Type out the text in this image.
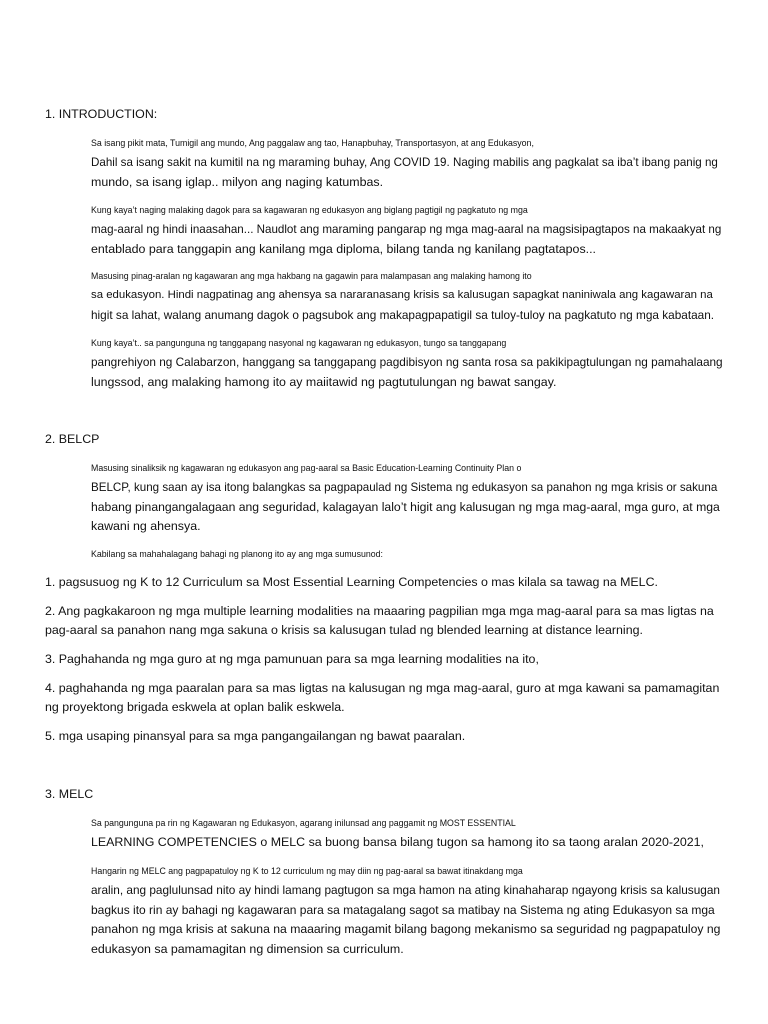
1. INTRODUCTION:
Sa isang pikit mata, Tumigil ang mundo, Ang paggalaw ang tao, Hanapbuhay, Transportasyon, at ang Edukasyon,
Dahil sa isang sakit na kumitil na ng maraming buhay, Ang COVID 19. Naging mabilis ang pagkalat sa iba’t ibang panig ng
mundo, sa isang iglap.. milyon ang naging katumbas.
Kung kaya’t naging malaking dagok para sa kagawaran ng edukasyon ang biglang pagtigil ng pagkatuto ng mga
mag-aaral ng hindi inaasahan... Naudlot ang maraming pangarap ng mga mag-aaral na magsisipagtapos na makaakyat ng
entablado para tanggapin ang kanilang mga diploma, bilang tanda ng kanilang pagtatapos...
Masusing pinag-aralan ng kagawaran ang mga hakbang na gagawin para malampasan ang malaking hamong ito
sa edukasyon. Hindi nagpatinag ang ahensya sa nararanasang krisis sa kalusugan sapagkat naniniwala ang kagawaran na
higit sa lahat, walang anumang dagok o pagsubok ang makapagpapatigil sa tuloy-tuloy na pagkatuto ng mga kabataan.
Kung kaya’t.. sa pangunguna ng tanggapang nasyonal ng kagawaran ng edukasyon, tungo sa tanggapang
pangrehiyon ng Calabarzon, hanggang sa tanggapang pagdibisyon ng santa rosa sa pakikipagtulungan ng pamahalaang
lungssod, ang malaking hamong ito ay maiitawid ng pagtutulungan ng bawat sangay.
2. BELCP
Masusing sinaliksik ng kagawaran ng edukasyon ang pag-aaral sa Basic Education-Learning Continuity Plan o
BELCP, kung saan ay isa itong balangkas sa pagpapaulad ng Sistema ng edukasyon sa panahon ng mga krisis or sakuna
habang pinangangalagaan ang seguridad, kalagayan lalo’t higit ang kalusugan ng mga mag-aaral, mga guro, at mga
kawani ng ahensya.
Kabilang sa mahahalagang bahagi ng planong ito ay ang mga sumusunod:
1. pagsusuog ng K to 12 Curriculum sa Most Essential Learning Competencies o mas kilala sa tawag na MELC.
2. Ang pagkakaroon ng mga multiple learning modalities na maaaring pagpilian mga mga mag-aaral para sa mas ligtas na
pag-aaral sa panahon nang mga sakuna o krisis sa kalusugan tulad ng blended learning at distance learning.
3. Paghahanda ng mga guro at ng mga pamunuan para sa mga learning modalities na ito,
4. paghahanda ng mga paaralan para sa mas ligtas na kalusugan ng mga mag-aaral, guro at mga kawani sa pamamagitan
ng proyektong brigada eskwela at oplan balik eskwela.
5. mga usaping pinansyal para sa mga pangangailangan ng bawat paaralan.
3. MELC
Sa pangunguna pa rin ng Kagawaran ng Edukasyon, agarang inilunsad ang paggamit ng MOST ESSENTIAL
LEARNING COMPETENCIES o MELC sa buong bansa bilang tugon sa hamong ito sa taong aralan 2020-2021,
Hangarin ng MELC ang pagpapatuloy ng K to 12 curriculum ng may diin ng pag-aaral sa bawat itinakdang mga
aralin, ang paglulunsad nito ay hindi lamang pagtugon sa mga hamon na ating kinahaharap ngayong krisis sa kalusugan
bagkus ito rin ay bahagi ng kagawaran para sa matagalang sagot sa matibay na Sistema ng ating Edukasyon sa mga
panahon ng mga krisis at sakuna na maaaring magamit bilang bagong mekanismo sa seguridad ng pagpapatuloy ng
edukasyon sa pamamagitan ng dimension sa curriculum.
